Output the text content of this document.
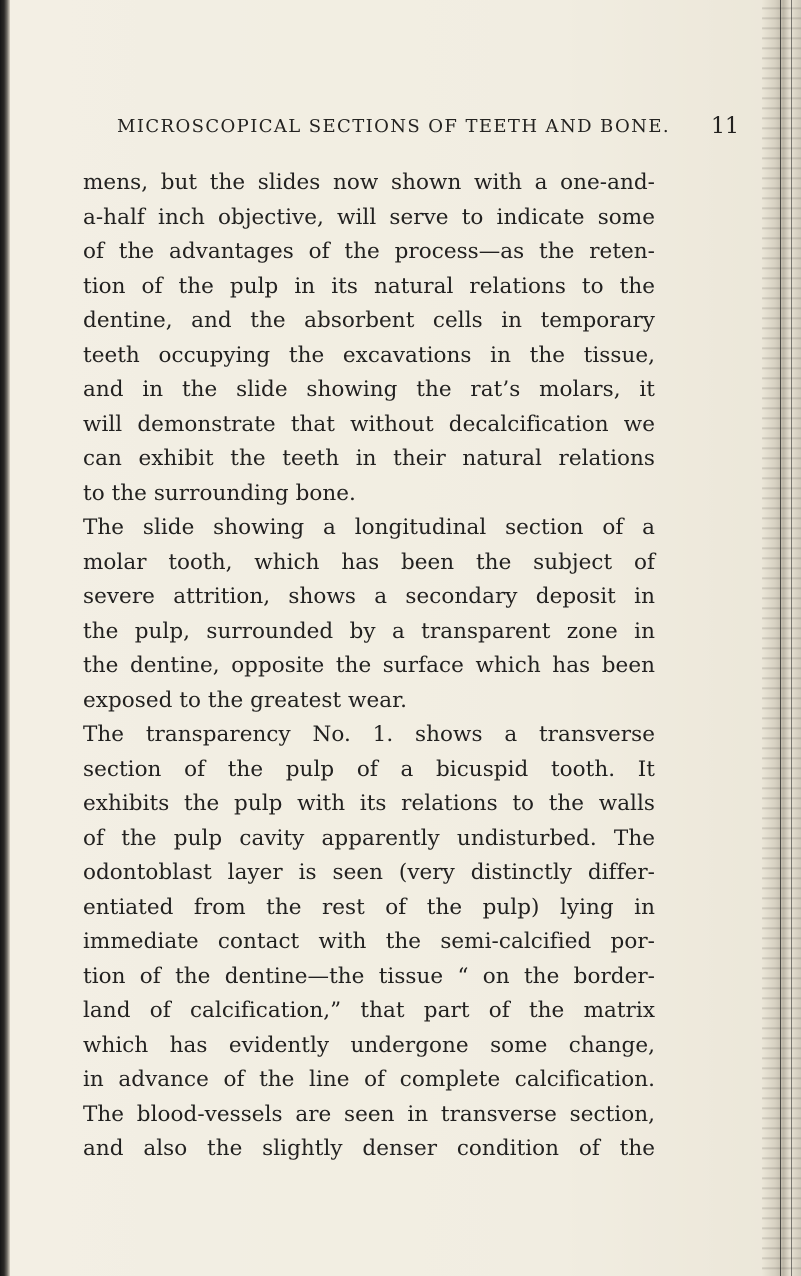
MICROSCOPICAL SECTIONS OF TEETH AND BONE. 11
mens, but the slides now shown with a one-and-
a-half inch objective, will serve to indicate some
of the advantages of the process—as the reten-
tion of the pulp in its natural relations to the
dentine, and the absorbent cells in temporary
teeth occupying the excavations in the tissue,
and in the slide showing the rat’s molars, it
will demonstrate that without decalcification we
can exhibit the teeth in their natural relations
to the surrounding bone.
The slide showing a longitudinal section of a
molar tooth, which has been the subject of
severe attrition, shows a secondary deposit in
the pulp, surrounded by a transparent zone in
the dentine, opposite the surface which has been
exposed to the greatest wear.
The transparency No. 1. shows a transverse
section of the pulp of a bicuspid tooth. It
exhibits the pulp with its relations to the walls
of the pulp cavity apparently undisturbed. The
odontoblast layer is seen (very distinctly differ-
entiated from the rest of the pulp) lying in
immediate contact with the semi-calcified por-
tion of the dentine—the tissue “ on the border-
land of calcification,” that part of the matrix
which has evidently undergone some change,
in advance of the line of complete calcification.
The blood-vessels are seen in transverse section,
and also the slightly denser condition of the
